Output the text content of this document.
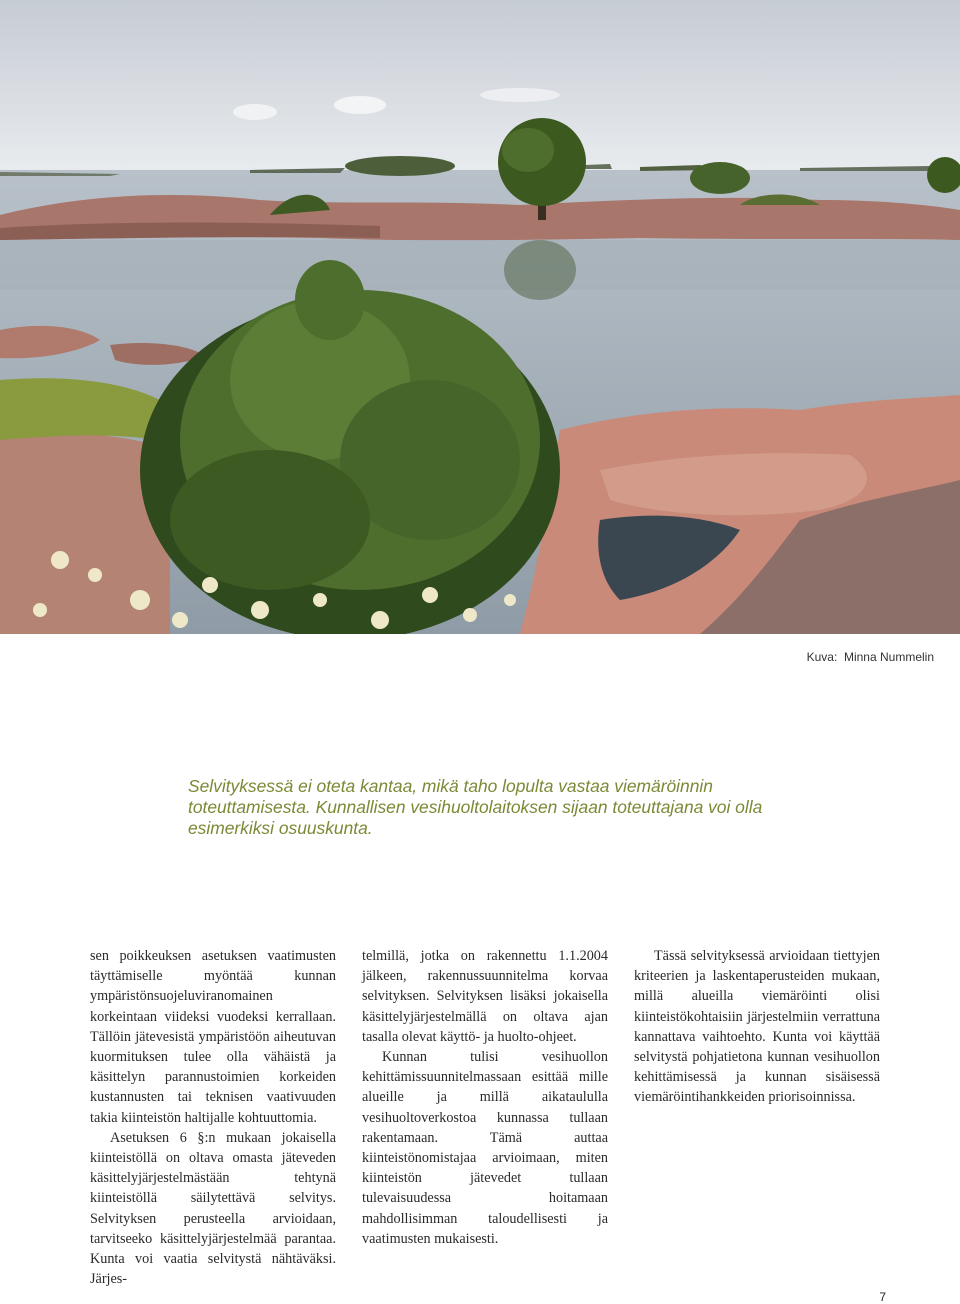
Kuva:  Minna Nummelin
Selvityksessä ei oteta kantaa, mikä taho lopulta vastaa viemäröinnin toteuttamisesta. Kunnallisen vesihuoltolaitoksen sijaan toteuttajana voi olla esimerkiksi osuuskunta.

sen poikkeuksen asetuksen vaatimusten täyttämiselle myöntää kunnan ympäristönsuojeluviranomainen korkeintaan viideksi vuodeksi kerrallaan. Tällöin jätevesistä ympäristöön aiheutuvan kuormituksen tulee olla vähäistä ja käsittelyn parannustoimien korkeiden kustannusten tai teknisen vaativuuden takia kiinteistön haltijalle kohtuuttomia.

Asetuksen 6 §:n mukaan jokaisella kiinteistöllä on oltava omasta jäteveden käsittelyjärjestelmästään tehtynä kiinteistöllä säilytettävä selvitys. Selvityksen perusteella arvioidaan, tarvitseeko käsittelyjärjestelmää parantaa. Kunta voi vaatia selvitystä nähtäväksi. Järjes-

telmillä, jotka on rakennettu 1.1.2004 jälkeen, rakennussuunnitelma korvaa selvityksen. Selvityksen lisäksi jokaisella käsittelyjärjestelmällä on oltava ajan tasalla olevat käyttö- ja huolto-ohjeet.

Kunnan tulisi vesihuollon kehittämissuunnitelmassaan esittää mille alueille ja millä aikataululla vesihuoltoverkostoa kunnassa tullaan rakentamaan. Tämä auttaa kiinteistönomistajaa arvioimaan, miten kiinteistön jätevedet tullaan tulevaisuudessa hoitamaan mahdollisimman taloudellisesti ja vaatimusten mukaisesti.

Tässä selvityksessä arvioidaan tiettyjen kriteerien ja laskentaperusteiden mukaan, millä alueilla viemäröinti olisi kiinteistökohtaisiin järjestelmiin verrattuna kannattava vaihtoehto. Kunta voi käyttää selvitystä pohjatietona kunnan vesihuollon kehittämisessä ja kunnan sisäisessä viemäröintihankkeiden priorisoinnissa.

7
